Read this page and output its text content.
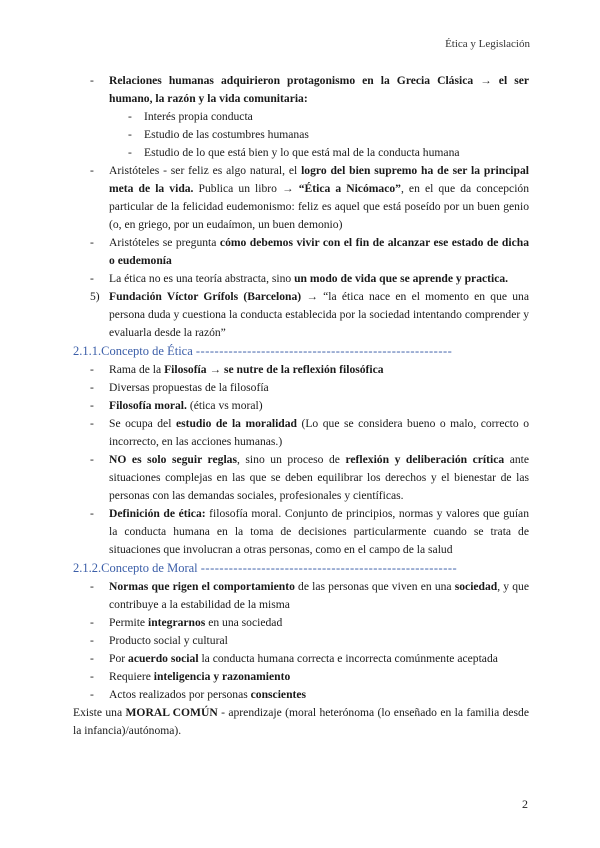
Ética y Legislación
- Relaciones humanas adquirieron protagonismo en la Grecia Clásica → el ser humano, la razón y la vida comunitaria:
- Interés propia conducta
- Estudio de las costumbres humanas
- Estudio de lo que está bien y lo que está mal de la conducta humana
- Aristóteles - ser feliz es algo natural, el logro del bien supremo ha de ser la principal meta de la vida. Publica un libro → “Ética a Nicómaco”, en el que da concepción particular de la felicidad eudemonismo: feliz es aquel que está poseído por un buen genio (o, en griego, por un eudaímon, un buen demonio)
- Aristóteles se pregunta cómo debemos vivir con el fin de alcanzar ese estado de dicha o eudemonía
- La ética no es una teoría abstracta, sino un modo de vida que se aprende y practica.
5) Fundación Víctor Grífols (Barcelona) → “la ética nace en el momento en que una persona duda y cuestiona la conducta establecida por la sociedad intentando comprender y evaluarla desde la razón”
2.1.1.Concepto de Ética -------------------------------------------------------
- Rama de la Filosofía → se nutre de la reflexión filosófica
- Diversas propuestas de la filosofía
- Filosofía moral. (ética vs moral)
- Se ocupa del estudio de la moralidad (Lo que se considera bueno o malo, correcto o incorrecto, en las acciones humanas.)
- NO es solo seguir reglas, sino un proceso de reflexión y deliberación crítica ante situaciones complejas en las que se deben equilibrar los derechos y el bienestar de las personas con las demandas sociales, profesionales y científicas.
- Definición de ética: filosofía moral. Conjunto de principios, normas y valores que guían la conducta humana en la toma de decisiones particularmente cuando se trata de situaciones que involucran a otras personas, como en el campo de la salud
2.1.2.Concepto de Moral -------------------------------------------------------
- Normas que rigen el comportamiento de las personas que viven en una sociedad, y que contribuye a la estabilidad de la misma
- Permite integrarnos en una sociedad
- Producto social y cultural
- Por acuerdo social la conducta humana correcta e incorrecta comúnmente aceptada
- Requiere inteligencia y razonamiento
- Actos realizados por personas conscientes
Existe una MORAL COMÚN - aprendizaje (moral heterónoma (lo enseñado en la familia desde la infancia)/autónoma).
2
